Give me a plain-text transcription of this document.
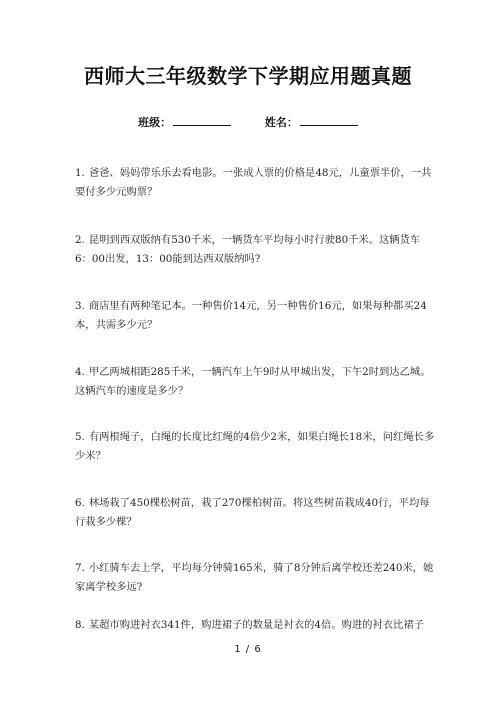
西师大三年级数学下学期应用题真题
班级：	姓名：

1. 爸爸、妈妈带乐乐去看电影。一张成人票的价格是48元，儿童票半价，一共要付多少元购票？

2. 昆明到西双版纳有530千米，一辆货车平均每小时行驶80千米。这辆货车6：00出发，13：00能到达西双版纳吗?

3. 商店里有两种笔记本。一种售价14元，另一种售价16元，如果每种都买24本，共需多少元？

4. 甲乙两城相距285千米，一辆汽车上午9时从甲城出发，下午2时到达乙城。这辆汽车的速度是多少？

5. 有两根绳子，白绳的长度比红绳的4倍少2米，如果白绳长18米，问红绳长多少米？

6. 林场栽了450棵松树苗，栽了270棵柏树苗。将这些树苗栽成40行，平均每行栽多少棵？

7. 小红骑车去上学，平均每分钟骑165米，骑了8分钟后离学校还差240米，她家离学校多远?

8. 某超市购进衬衣341件，购进裙子的数量是衬衣的4倍。购进的衬衣比裙子

1 / 6
